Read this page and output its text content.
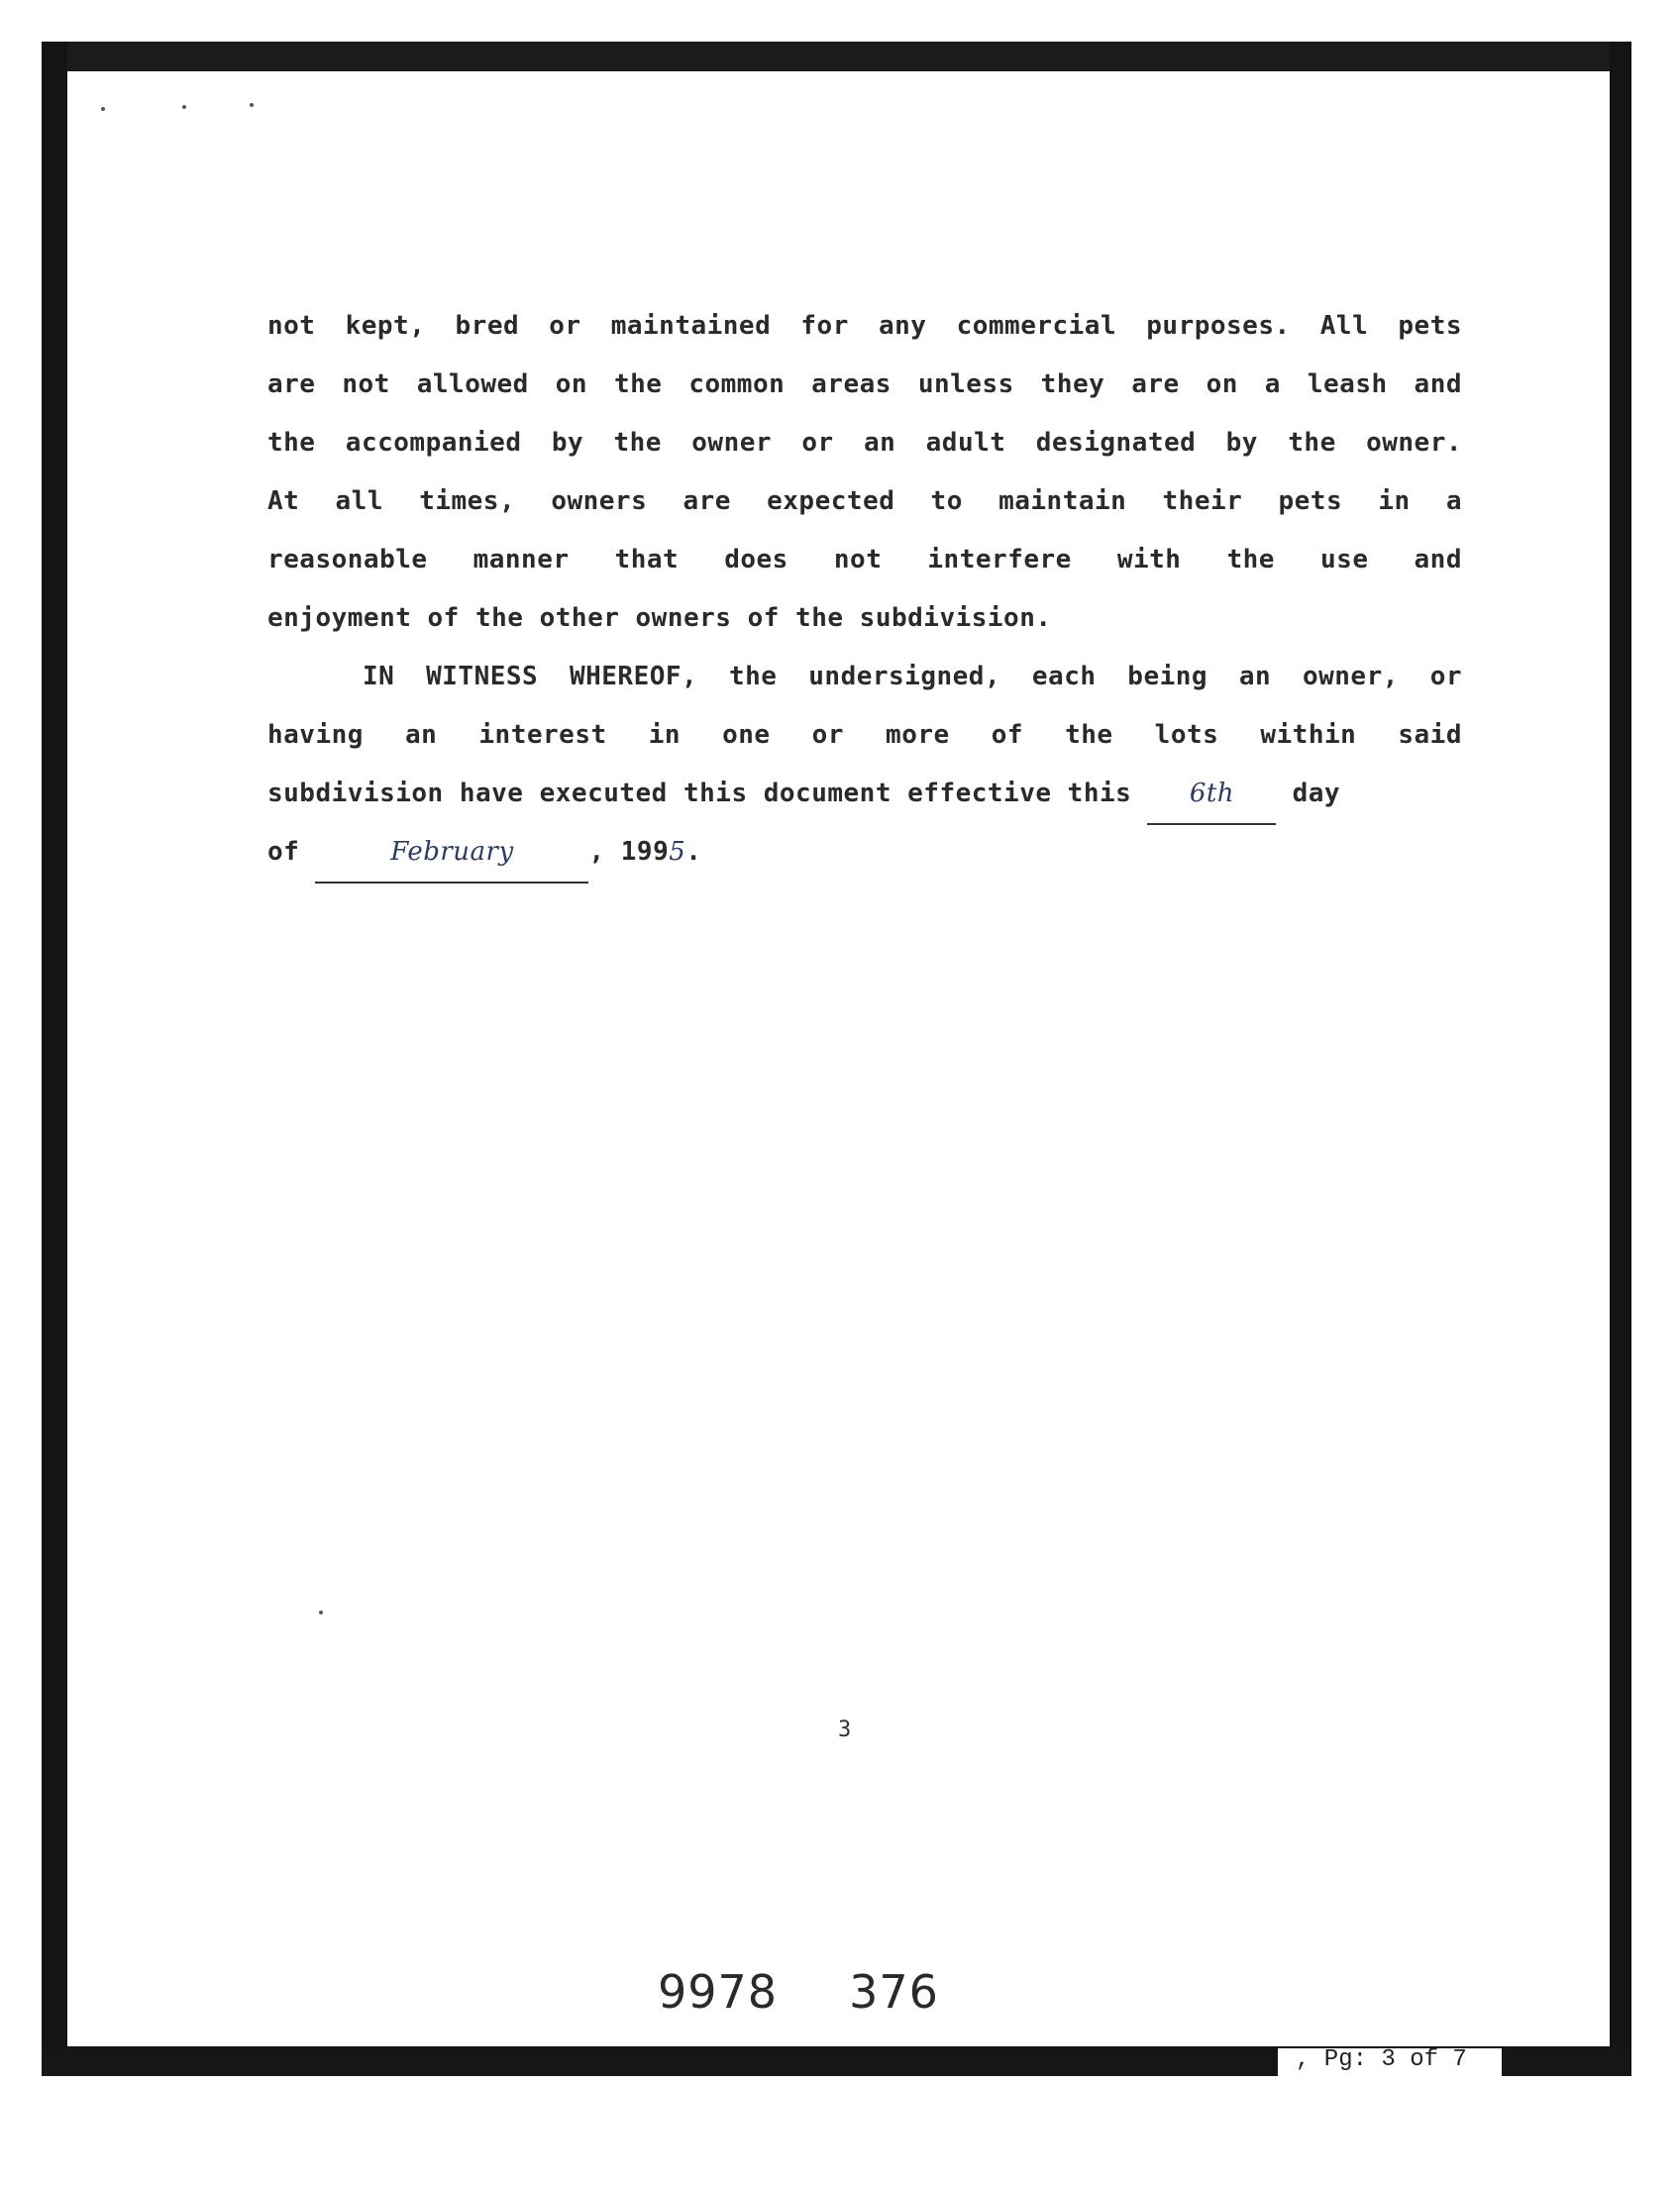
not kept, bred or maintained for any commercial purposes. All pets
are not allowed on the common areas unless they are on a leash and
the accompanied by the owner or an adult designated by the owner.
At all times, owners are expected to maintain their pets in a
reasonable manner that does not interfere with the use and
enjoyment of the other owners of the subdivision.
IN WITNESS WHEREOF, the undersigned, each being an owner, or
having an interest in one or more of the lots within said
subdivision have executed this document effective this 6th day
of	February	, 1995.
3
9978 376
, Pg: 3 of 7
